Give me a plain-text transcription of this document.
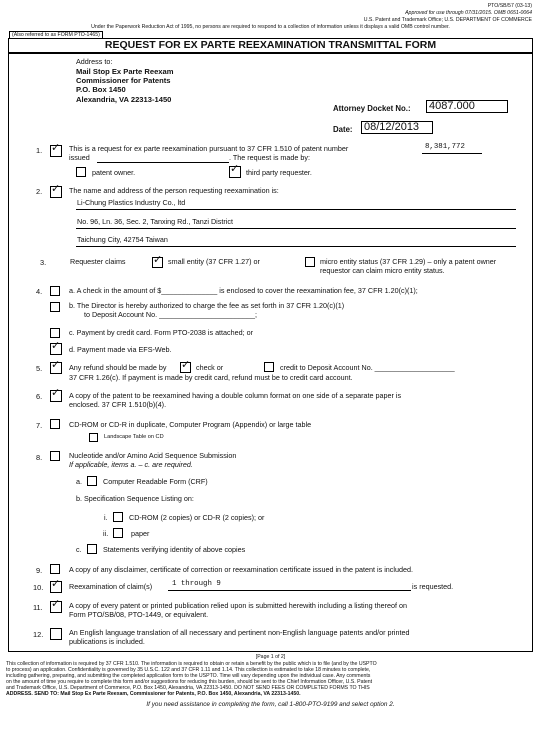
PTO/SB/57 (03-13)
Approved for use through 07/31/2015. OMB 0651-0064
U.S. Patent and Trademark Office; U.S. DEPARTMENT OF COMMERCE
Under the Paperwork Reduction Act of 1995, no persons are required to respond to a collection of information unless it displays a valid OMB control number.
(Also referred to as FORM PTO-1465)
REQUEST FOR EX PARTE REEXAMINATION TRANSMITTAL FORM
Address to:
Mail Stop Ex Parte Reexam
Commissioner for Patents
P.O. Box 1450
Alexandria, VA 22313-1450
Attorney Docket No.: 4087.000
Date: 08/12/2013
1. ✓ This is a request for ex parte reexamination pursuant to 37 CFR 1.510 of patent number	8,381,772
issued	. The request is made by:
patent owner.	✓ third party requester.
2. ✓ The name and address of the person requesting reexamination is:
Li-Chung Plastics Industry Co., ltd
No. 96, Ln. 36, Sec. 2, Tanxing Rd., Tanzi District
Taichung City, 42754 Taiwan
3.	Requester claims ✓ small entity (37 CFR 1.27) or	micro entity status (37 CFR 1.29) – only a patent owner requestor can claim micro entity status.
4.	a. A check in the amount of $______________ is enclosed to cover the reexamination fee, 37 CFR 1.20(c)(1);
b. The Director is hereby authorized to charge the fee as set forth in 37 CFR 1.20(c)(1)
to Deposit Account No. ________________________;
c. Payment by credit card. Form PTO-2038 is attached; or
✓ d. Payment made via EFS-Web.
5. ✓ Any refund should be made by ✓ check or	credit to Deposit Account No. ____________________
37 CFR 1.26(c). If payment is made by credit card, refund must be to credit card account.
6. ✓ A copy of the patent to be reexamined having a double column format on one side of a separate paper is
enclosed. 37 CFR 1.510(b)(4).
7.	CD-ROM or CD-R in duplicate, Computer Program (Appendix) or large table
Landscape Table on CD
8.	Nucleotide and/or Amino Acid Sequence Submission
If applicable, items a. – c. are required.
a.	Computer Readable Form (CRF)
b. Specification Sequence Listing on:
i.	CD-ROM (2 copies) or CD-R (2 copies); or
ii.	paper
c.	Statements verifying identity of above copies
9.	A copy of any disclaimer, certificate of correction or reexamination certificate issued in the patent is included.
10. ✓ Reexamination of claim(s)	1 through 9	is requested.
11. ✓ A copy of every patent or printed publication relied upon is submitted herewith including a listing thereof on
Form PTO/SB/08, PTO-1449, or equivalent.
12.	An English language translation of all necessary and pertinent non-English language patents and/or printed
publications is included.
[Page 1 of 2]
This collection of information is required by 37 CFR 1.510. The information is required to obtain or retain a benefit by the public which is to file (and by the USPTO
to process) an application. Confidentiality is governed by 35 U.S.C. 122 and 37 CFR 1.11 and 1.14. This collection is estimated to take 18 minutes to complete,
including gathering, preparing, and submitting the completed application form to the USPTO. Time will vary depending upon the individual case. Any comments
on the amount of time you require to complete this form and/or suggestions for reducing this burden, should be sent to the Chief Information Officer, U.S. Patent
and Trademark Office, U.S. Department of Commerce, P.O. Box 1450, Alexandria, VA 22313-1450. DO NOT SEND FEES OR COMPLETED FORMS TO THIS
ADDRESS. SEND TO: Mail Stop Ex Parte Reexam, Commissioner for Patents, P.O. Box 1450, Alexandria, VA 22313-1450.
If you need assistance in completing the form, call 1-800-PTO-9199 and select option 2.
